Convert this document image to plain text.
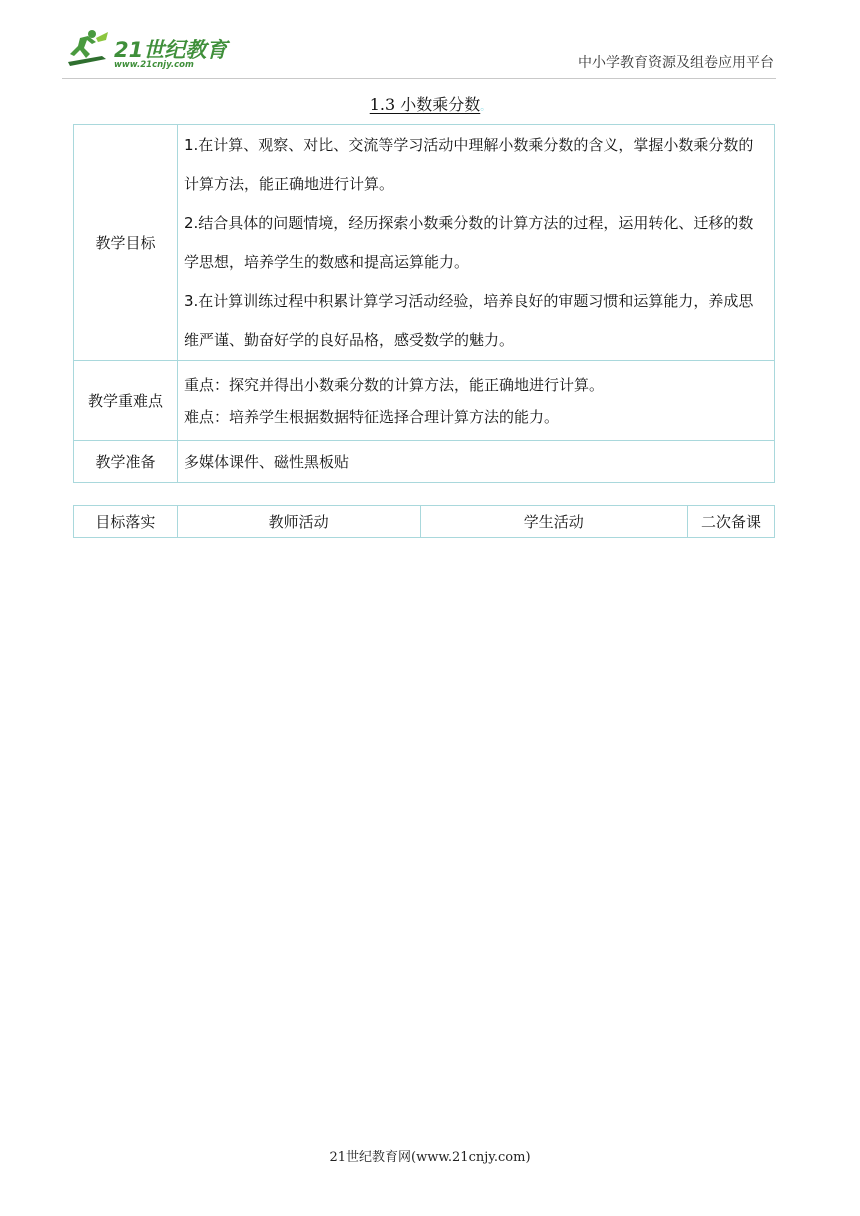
21世纪教育
www.21cnjy.com	中小学教育资源及组卷应用平台
1.3 小数乘分数。
教学目标	1.在计算、观察、对比、交流等学习活动中理解小数乘分数的含义，掌握小数乘分数的计算方法，能正确地进行计算。

2.结合具体的问题情境，经历探索小数乘分数的计算方法的过程，运用转化、迁移的数学思想，培养学生的数感和提高运算能力。

3.在计算训练过程中积累计算学习活动经验，培养良好的审题习惯和运算能力，养成思维严谨、勤奋好学的良好品格，感受数学的魅力。

教学重难点	重点：探究并得出小数乘分数的计算方法，能正确地进行计算。

难点：培养学生根据数据特征选择合理计算方法的能力。

教学准备	多媒体课件、磁性黑板贴
目标落实	教师活动	学生活动	二次备课
21世纪教育网(www.21cnjy.com)
